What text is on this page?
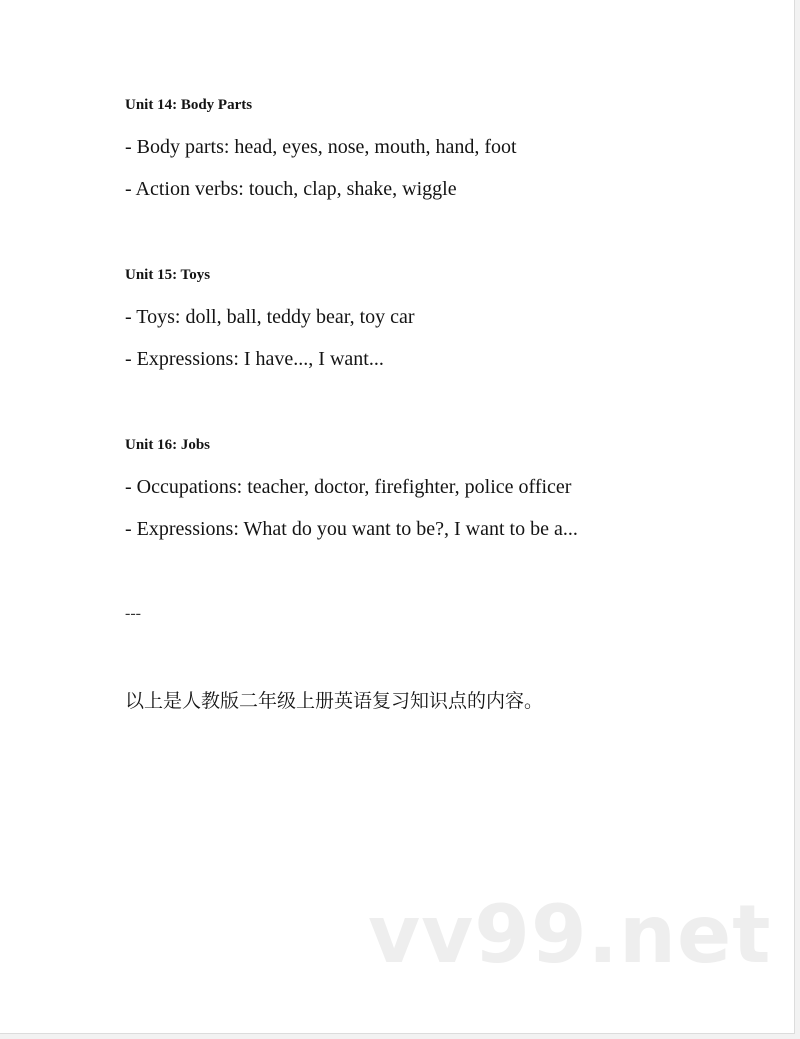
Unit 14: Body Parts
- Body parts: head, eyes, nose, mouth, hand, foot
- Action verbs: touch, clap, shake, wiggle
Unit 15: Toys
- Toys: doll, ball, teddy bear, toy car
- Expressions: I have..., I want...
Unit 16: Jobs
- Occupations: teacher, doctor, firefighter, police officer
- Expressions: What do you want to be?, I want to be a...
---
以上是人教版二年级上册英语复习知识点的内容。
vv99.net
